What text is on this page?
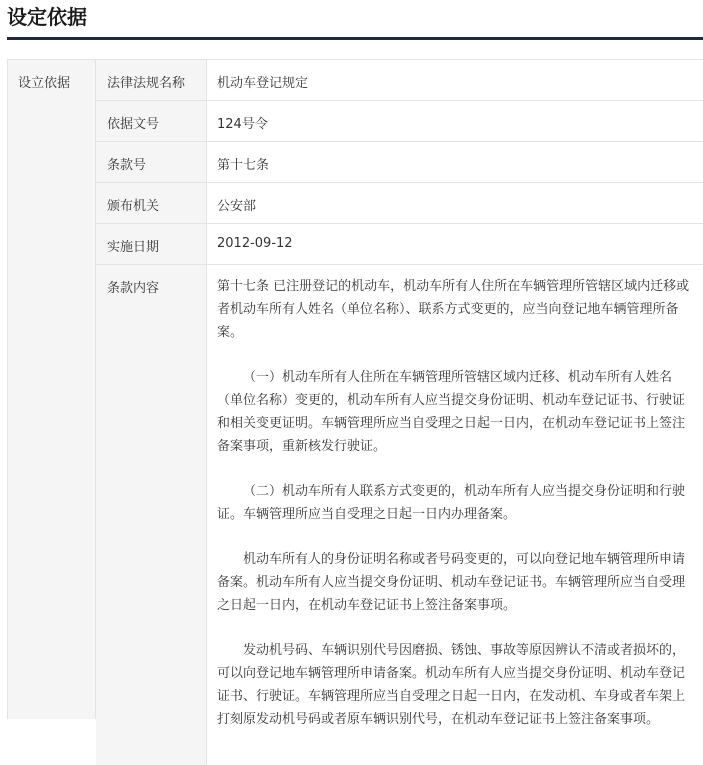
设定依据
设立依据	法律法规名称	机动车登记规定
依据文号	124号令
条款号	第十七条
颁布机关	公安部
实施日期	2012-09-12
条款内容	第十七条 已注册登记的机动车，机动车所有人住所在车辆管理所管辖区域内迁移或者机动车所有人姓名（单位名称）、联系方式变更的，应当向登记地车辆管理所备案。

（一）机动车所有人住所在车辆管理所管辖区域内迁移、机动车所有人姓名（单位名称）变更的，机动车所有人应当提交身份证明、机动车登记证书、行驶证和相关变更证明。车辆管理所应当自受理之日起一日内，在机动车登记证书上签注备案事项，重新核发行驶证。

（二）机动车所有人联系方式变更的，机动车所有人应当提交身份证明和行驶证。车辆管理所应当自受理之日起一日内办理备案。

机动车所有人的身份证明名称或者号码变更的，可以向登记地车辆管理所申请备案。机动车所有人应当提交身份证明、机动车登记证书。车辆管理所应当自受理之日起一日内，在机动车登记证书上签注备案事项。

发动机号码、车辆识别代号因磨损、锈蚀、事故等原因辨认不清或者损坏的，可以向登记地车辆管理所申请备案。机动车所有人应当提交身份证明、机动车登记证书、行驶证。车辆管理所应当自受理之日起一日内，在发动机、车身或者车架上打刻原发动机号码或者原车辆识别代号，在机动车登记证书上签注备案事项。
